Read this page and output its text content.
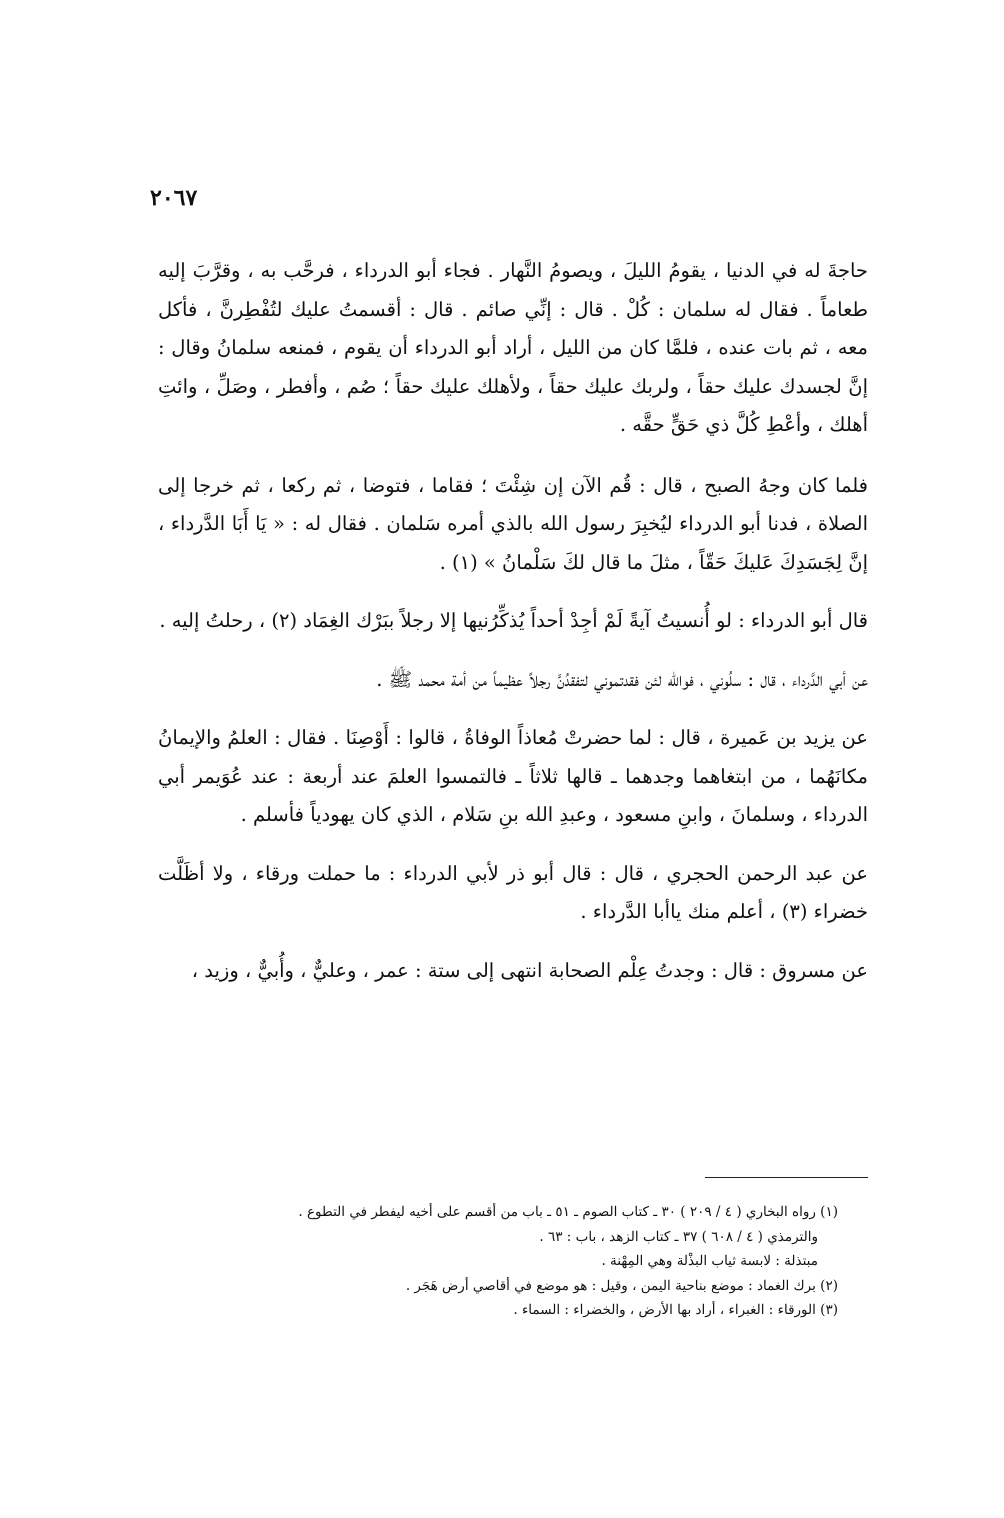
٢٠٦٧

حاجةَ له في الدنيا ، يقومُ الليلَ ، ويصومُ النَّهار . فجاء أبو الدرداء ، فرحَّب به ، وقرَّبَ إليه طعاماً . فقال له سلمان : كُلْ . قال : إنِّي صائم . قال : أقسمتُ عليك لتُفْطِرنَّ ، فأكل معه ، ثم بات عنده ، فلمَّا كان من الليل ، أراد أبو الدرداء أن يقوم ، فمنعه سلمانُ وقال : إنَّ لجسدك عليك حقاً ، ولربك عليك حقاً ، ولأهلك عليك حقاً ؛ صُم ، وأفطر ، وصَلِّ ، وائتِ أهلك ، وأعْطِ كُلَّ ذي حَقٍّ حقَّه .

فلما كان وجهُ الصبح ، قال : قُم الآن إن شِئْتَ ؛ فقاما ، فتوضا ، ثم ركعا ، ثم خرجا إلى الصلاة ، فدنا أبو الدرداء ليُخبِرَ رسول الله بالذي أمره سَلمان . فقال له : « يَا أَبَا الدَّرداء ، إنَّ لِجَسَدِكَ عَليكَ حَقّاً ، مثلَ ما قال لكَ سَلْمانُ » (١) .

قال أبو الدرداء : لو أُنسيتُ آيةً لَمْ أجِدْ أحداً يُذكِّرُنيها إلا رجلاً ببَرْك الغِمَاد (٢) ، رحلتُ إليه .

عن أبي الدَّرداء ، قال : سلُوني ، فوالله لئن فقدتموني لتفقدُنَّ رجلاً عظيماً من أمة محمد ﷺ .

عن يزيد بن عَميرة ، قال : لما حضرتْ مُعاذاً الوفاةُ ، قالوا : أَوْصِنَا . فقال : العلمُ والإيمانُ مكانَهُما ، من ابتغاهما وجدهما ـ قالها ثلاثاً ـ فالتمسوا العلمَ عند أربعة : عند عُوَيمر أبي الدرداء ، وسلمانَ ، وابنِ مسعود ، وعبدِ الله بنِ سَلام ، الذي كان يهودياً فأسلم .

عن عبد الرحمن الحجري ، قال : قال أبو ذر لأبي الدرداء : ما حملت ورقاء ، ولا أظَلَّت خضراء (٣) ، أعلم منك ياأبا الدَّرداء .

عن مسروق : قال : وجدتُ عِلْم الصحابة انتهى إلى ستة : عمر ، وعليٌّ ، وأُبيٌّ ، وزيد ،

(١) رواه البخاري ( ٤ / ٢٠٩ ) ٣٠ ـ كتاب الصوم ـ ٥١ ـ باب من أقسم على أخيه ليفطر في التطوع .

والترمذي ( ٤ / ٦٠٨ ) ٣٧ ـ كتاب الزهد ، باب : ٦٣ .

مبتذلة : لابسة ثياب البذْلة وهي المِهْنة .

(٢) برك الغماد : موضع بناحية اليمن ، وقيل : هو موضع في أقاصي أرض هَجَر .

(٣) الورقاء : الغبراء ، أراد بها الأرض ، والخضراء : السماء .
